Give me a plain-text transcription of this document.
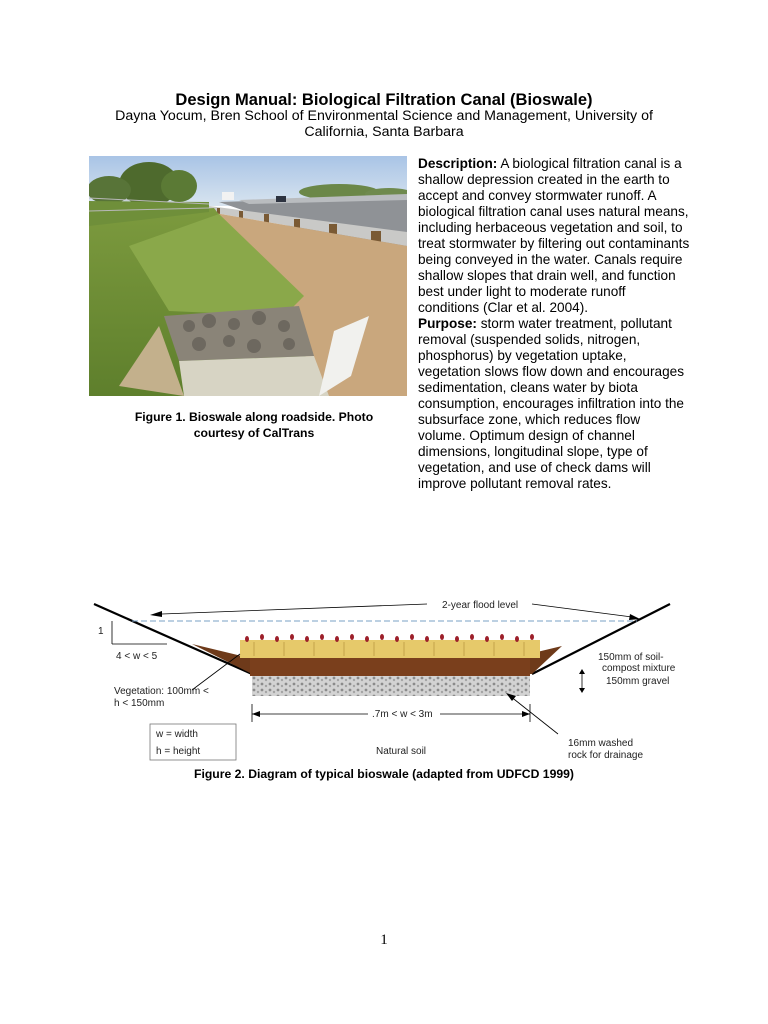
Design Manual: Biological Filtration Canal (Bioswale)
Dayna Yocum, Bren School of Environmental Science and Management, University of California, Santa Barbara
Figure 1. Bioswale along roadside. Photo courtesy of CalTrans
Description: A biological filtration canal is a shallow depression created in the earth to accept and convey stormwater runoff. A biological filtration canal uses natural means, including herbaceous vegetation and soil, to treat stormwater by filtering out contaminants being conveyed in the water. Canals require shallow slopes that drain well, and function best under light to moderate runoff conditions (Clar et al. 2004).
Purpose: storm water treatment, pollutant removal (suspended solids, nitrogen, phosphorus) by vegetation uptake, vegetation slows flow down and encourages sedimentation, cleans water by biota consumption, encourages infiltration into the subsurface zone, which reduces flow volume. Optimum design of channel dimensions, longitudinal slope, type of vegetation, and use of check dams will improve pollutant removal rates.
2-year flood level
1
4 < w < 5	150mm of soil-
compost mixture
150mm gravel
Vegetation: 100mm <
h < 150mm
.7m < w < 3m
w = width
h = height	Natural soil
16mm washed
rock for drainage
Figure 2. Diagram of typical bioswale (adapted from UDFCD 1999)
1
